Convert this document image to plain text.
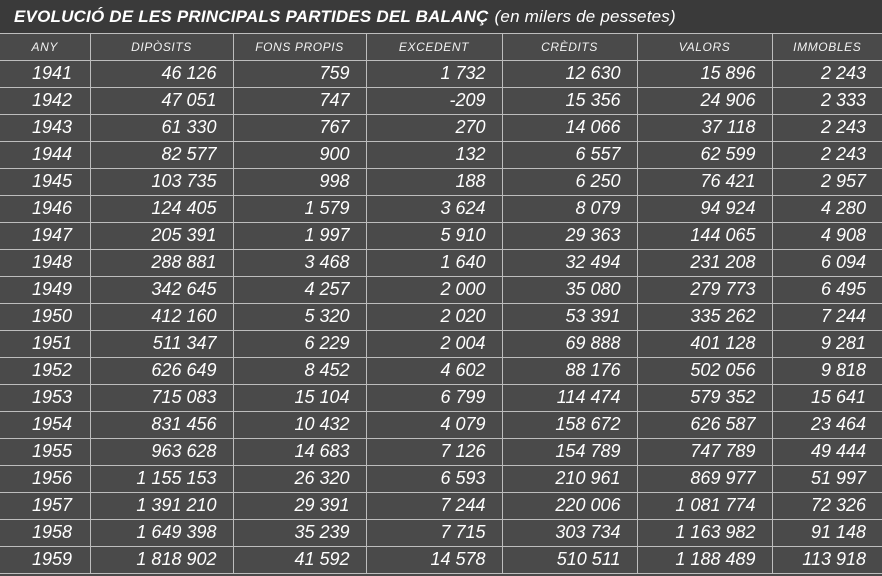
EVOLUCIÓ DE LES PRINCIPALS PARTIDES DEL BALANÇ (en milers de pessetes)
ANY	DIPÒSITS	FONS PROPIS	EXCEDENT	CRÈDITS	VALORS	IMMOBLES
1941	46 126	759	1 732	12 630	15 896	2 243
1942	47 051	747	-209	15 356	24 906	2 333
1943	61 330	767	270	14 066	37 118	2 243
1944	82 577	900	132	6 557	62 599	2 243
1945	103 735	998	188	6 250	76 421	2 957
1946	124 405	1 579	3 624	8 079	94 924	4 280
1947	205 391	1 997	5 910	29 363	144 065	4 908
1948	288 881	3 468	1 640	32 494	231 208	6 094
1949	342 645	4 257	2 000	35 080	279 773	6 495
1950	412 160	5 320	2 020	53 391	335 262	7 244
1951	511 347	6 229	2 004	69 888	401 128	9 281
1952	626 649	8 452	4 602	88 176	502 056	9 818
1953	715 083	15 104	6 799	114 474	579 352	15 641
1954	831 456	10 432	4 079	158 672	626 587	23 464
1955	963 628	14 683	7 126	154 789	747 789	49 444
1956	1 155 153	26 320	6 593	210 961	869 977	51 997
1957	1 391 210	29 391	7 244	220 006	1 081 774	72 326
1958	1 649 398	35 239	7 715	303 734	1 163 982	91 148
1959	1 818 902	41 592	14 578	510 511	1 188 489	113 918
